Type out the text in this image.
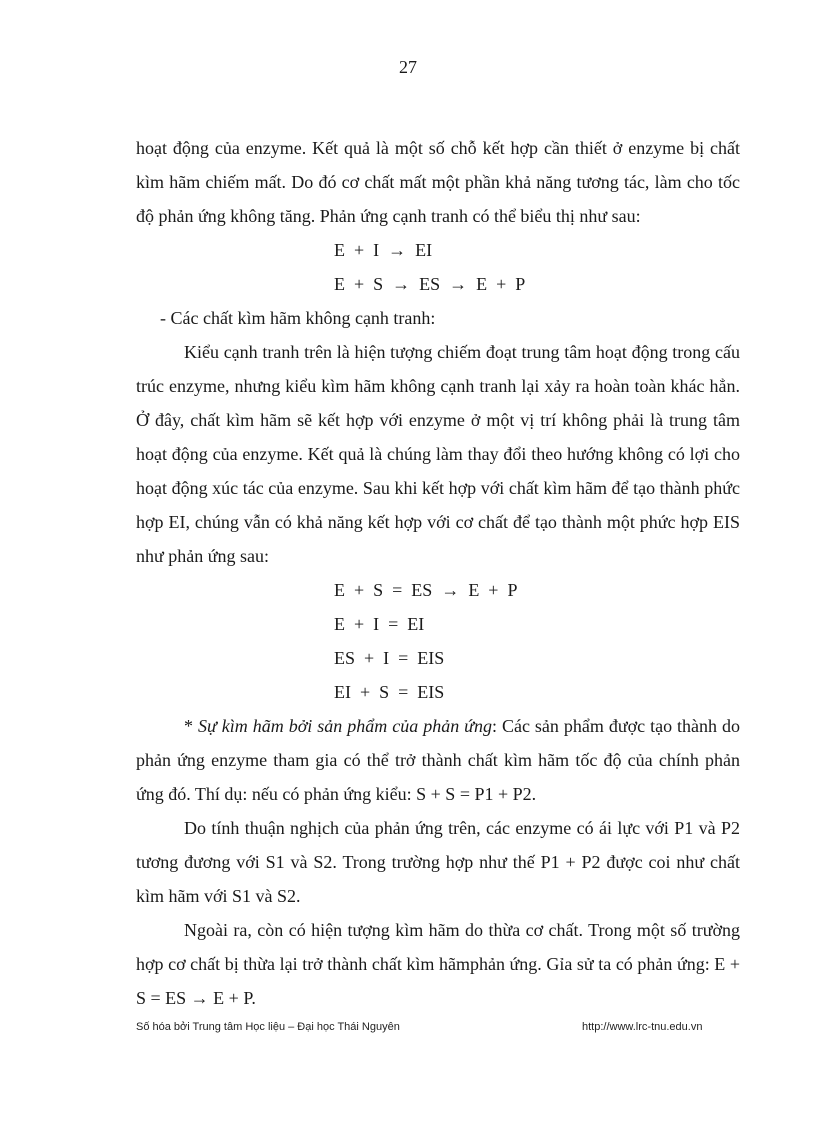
27

hoạt động của enzyme. Kết quả là một số chỗ kết hợp cần thiết ở enzyme bị chất kìm hãm chiếm mất. Do đó cơ chất mất một phần khả năng tương tác, làm cho tốc độ phản ứng không tăng. Phản ứng cạnh tranh có thể biểu thị như sau:

E  +  I  →  EI

E  +  S  →  ES  →  E  +  P

- Các chất kìm hãm không cạnh tranh:

Kiểu cạnh tranh trên là hiện tượng chiếm đoạt trung tâm hoạt động trong cấu trúc enzyme, nhưng kiểu kìm hãm không cạnh tranh lại xảy ra hoàn toàn khác hẳn. Ở đây, chất kìm hãm sẽ kết hợp với enzyme ở một vị trí không phải là trung tâm hoạt động của enzyme. Kết quả là chúng làm thay đổi theo hướng không có lợi cho hoạt động xúc tác của enzyme. Sau khi kết hợp với chất kìm hãm để tạo thành phức hợp EI, chúng vẫn có khả năng kết hợp với cơ chất để tạo thành một phức hợp EIS như phản ứng sau:

E  +  S  =  ES  →  E  +  P

E  +  I  =  EI

ES  +  I  =  EIS

EI  +  S  =  EIS

* Sự kìm hãm bởi sản phẩm của phản ứng: Các sản phẩm được tạo thành do phản ứng enzyme tham gia có thể trở thành chất kìm hãm tốc độ của chính phản ứng đó. Thí dụ: nếu có phản ứng kiểu: S + S = P1 + P2.

Do tính thuận nghịch của phản ứng trên, các enzyme có ái lực với P1 và P2 tương đương với S1 và S2. Trong trường hợp như thế P1 + P2 được coi như chất kìm hãm với S1 và S2.

Ngoài ra, còn có hiện tượng kìm hãm do thừa cơ chất. Trong một số trường hợp cơ chất bị thừa lại trở thành chất kìm hãmphản ứng. Gỉa sử ta có phản ứng: E + S = ES → E + P.

Số hóa bởi Trung tâm Học liệu – Đại học Thái Nguyên	http://www.lrc-tnu.edu.vn
